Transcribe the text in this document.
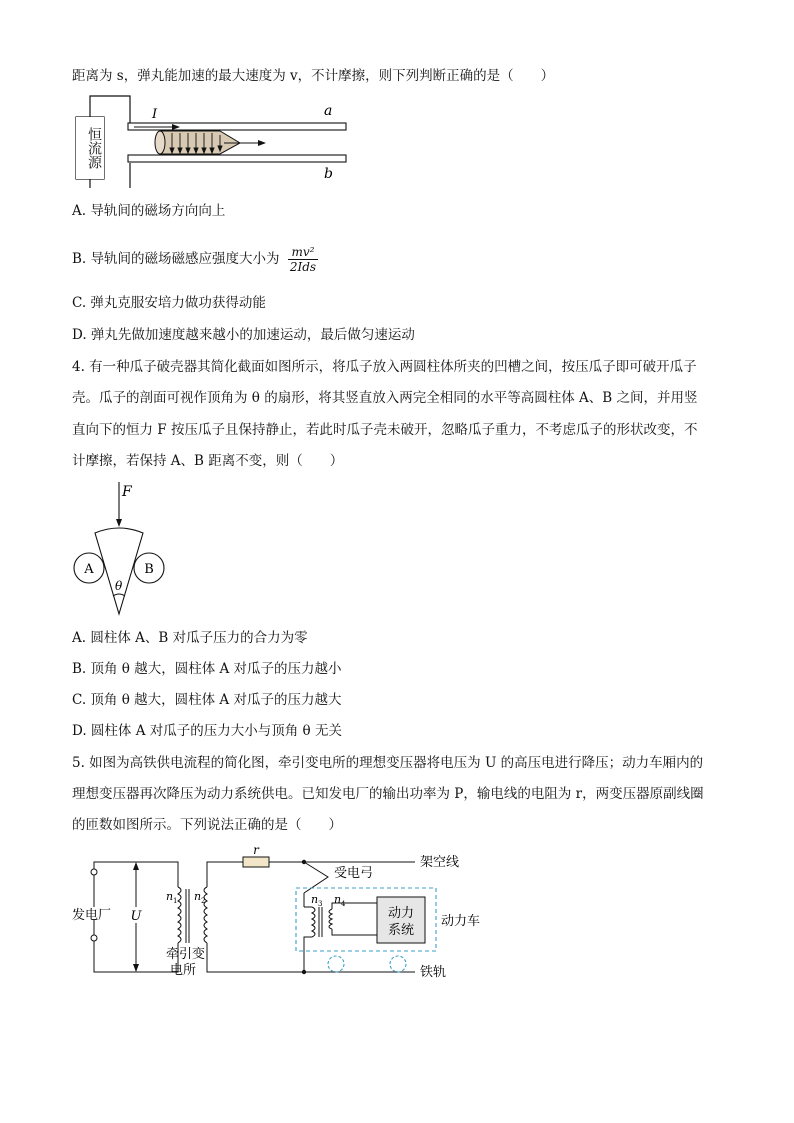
距离为 s，弹丸能加速的最大速度为 v，不计摩擦，则下列判断正确的是（　　）
a
b
I
恒流源
A. 导轨间的磁场方向向上
B. 导轨间的磁场磁感应强度大小为 $\frac{\text{mv²}}{\text{2Ids}}$
C. 弹丸克服安培力做功获得动能
D. 弹丸先做加速度越来越小的加速运动，最后做匀速运动
4. 有一种瓜子破壳器其简化截面如图所示，将瓜子放入两圆柱体所夹的凹槽之间，按压瓜子即可破开瓜子
壳。瓜子的剖面可视作顶角为 θ 的扇形，将其竖直放入两完全相同的水平等高圆柱体 A、B 之间，并用竖
直向下的恒力 F 按压瓜子且保持静止，若此时瓜子壳未破开，忽略瓜子重力，不考虑瓜子的形状改变，不
计摩擦，若保持 A、B 距离不变，则（　　）
F
A	B
θ
A. 圆柱体 A、B 对瓜子压力的合力为零
B. 顶角 θ 越大，圆柱体 A 对瓜子的压力越小
C. 顶角 θ 越大，圆柱体 A 对瓜子的压力越大
D. 圆柱体 A 对瓜子的压力大小与顶角 θ 无关
5. 如图为高铁供电流程的简化图，牵引变电所的理想变压器将电压为 U 的高压电进行降压；动力车厢内的
理想变压器再次降压为动力系统供电。已知发电厂的输出功率为 P，输电线的电阻为 r，两变压器原副线圈
的匝数如图所示。下列说法正确的是（　　）
发电厂 U
n 1 n 2
牵引变
电所
r
架空线
铁轨
受电弓
动力车
n 3 n 4
动力
系统
